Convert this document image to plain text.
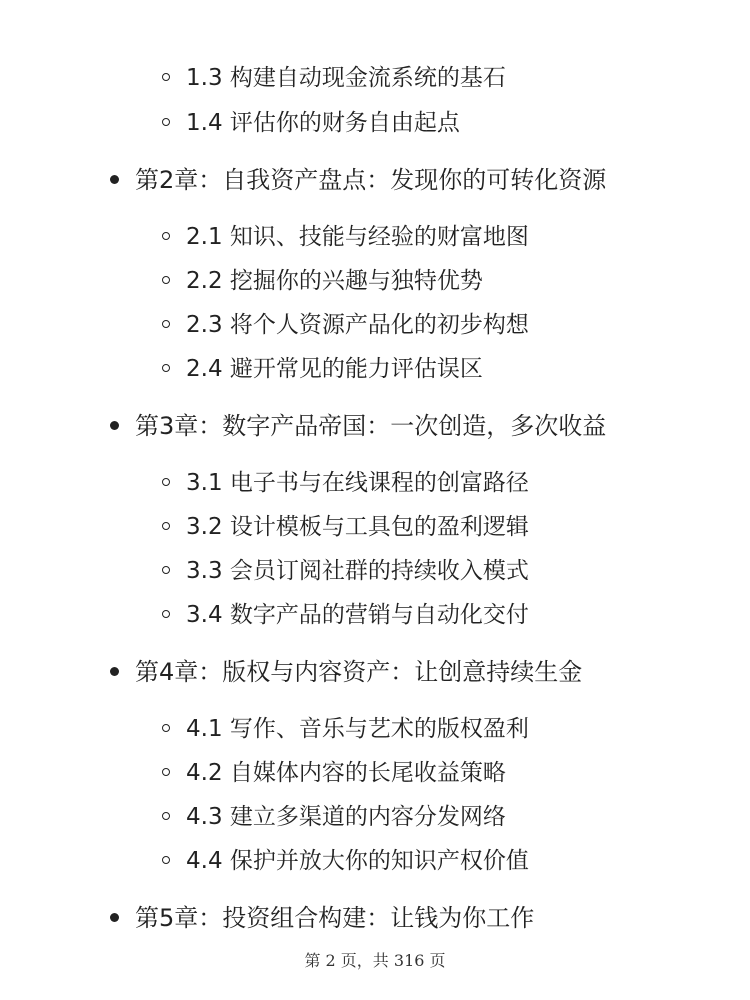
1.3 构建自动现金流系统的基石
1.4 评估你的财务自由起点
第2章：自我资产盘点：发现你的可转化资源
2.1 知识、技能与经验的财富地图
2.2 挖掘你的兴趣与独特优势
2.3 将个人资源产品化的初步构想
2.4 避开常见的能力评估误区
第3章：数字产品帝国：一次创造，多次收益
3.1 电子书与在线课程的创富路径
3.2 设计模板与工具包的盈利逻辑
3.3 会员订阅社群的持续收入模式
3.4 数字产品的营销与自动化交付
第4章：版权与内容资产：让创意持续生金
4.1 写作、音乐与艺术的版权盈利
4.2 自媒体内容的长尾收益策略
4.3 建立多渠道的内容分发网络
4.4 保护并放大你的知识产权价值
第5章：投资组合构建：让钱为你工作
第 2 页，共 316 页
